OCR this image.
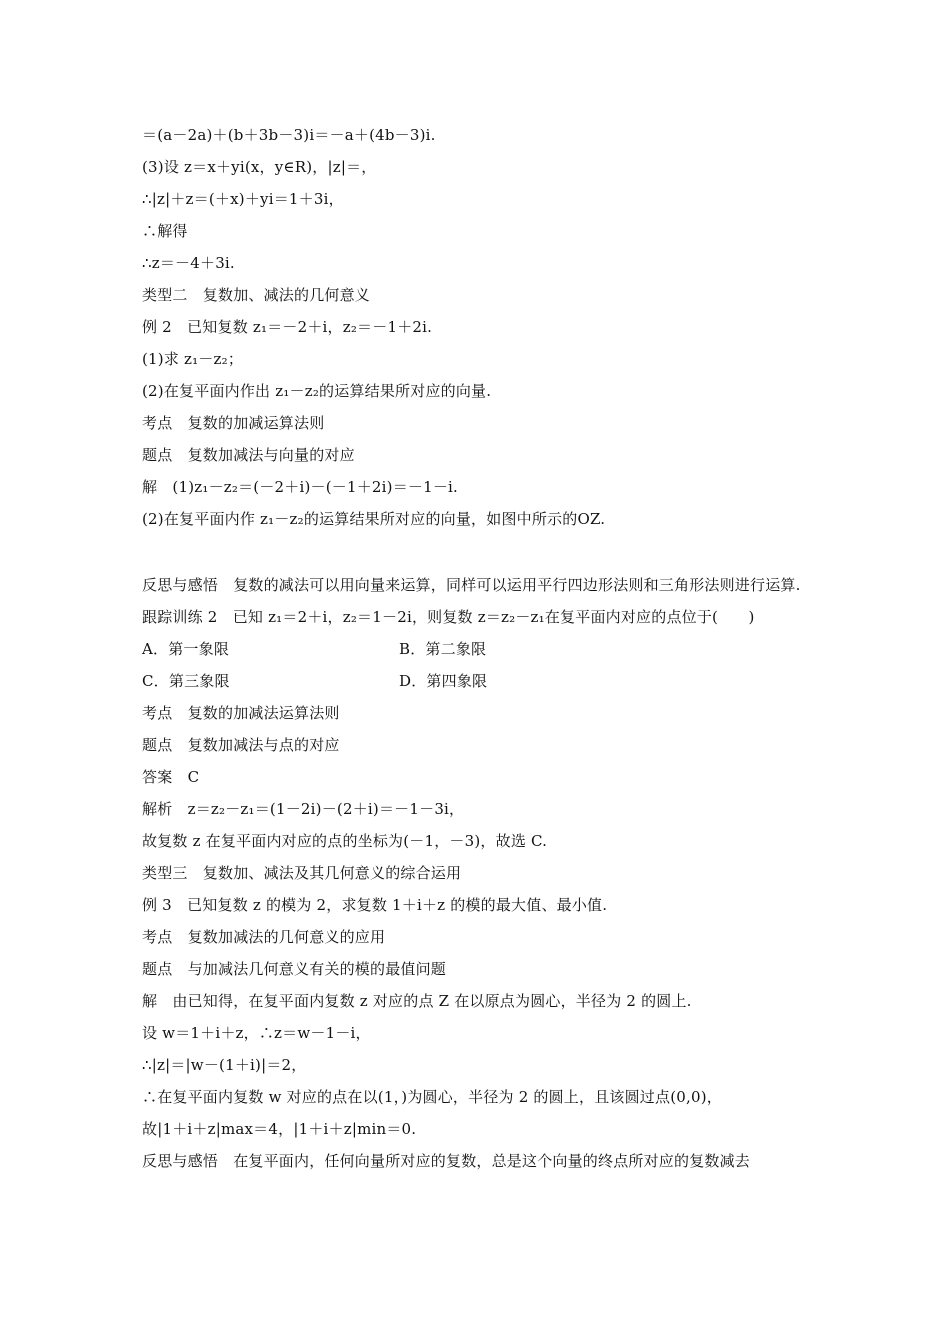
＝(a－2a)＋(b＋3b－3)i＝－a＋(4b－3)i.
(3)设 z＝x＋yi(x，y∈R)，|z|＝，
∴|z|＋z＝(＋x)＋yi＝1＋3i，
∴解得
∴z＝－4＋3i.
类型二　复数加、减法的几何意义
例 2　已知复数 z₁＝－2＋i，z₂＝－1＋2i.
(1)求 z₁－z₂；
(2)在复平面内作出 z₁－z₂的运算结果所对应的向量.
考点　复数的加减运算法则
题点　复数加减法与向量的对应
解　(1)z₁－z₂＝(－2＋i)－(－1＋2i)＝－1－i.
(2)在复平面内作 z₁－z₂的运算结果所对应的向量，如图中所示的OZ.
反思与感悟　复数的减法可以用向量来运算，同样可以运用平行四边形法则和三角形法则进行运算.
跟踪训练 2　已知 z₁＝2＋i，z₂＝1－2i，则复数 z＝z₂－z₁在复平面内对应的点位于(　　)
A．第一象限	B．第二象限
C．第三象限	D．第四象限
考点　复数的加减法运算法则
题点　复数加减法与点的对应
答案　C
解析　z＝z₂－z₁＝(1－2i)－(2＋i)＝－1－3i，
故复数 z 在复平面内对应的点的坐标为(－1，－3)，故选 C.
类型三　复数加、减法及其几何意义的综合运用
例 3　已知复数 z 的模为 2，求复数 1＋i＋z 的模的最大值、最小值.
考点　复数加减法的几何意义的应用
题点　与加减法几何意义有关的模的最值问题
解　由已知得，在复平面内复数 z 对应的点 Z 在以原点为圆心，半径为 2 的圆上.
设 w＝1＋i＋z，∴z＝w－1－i，
∴|z|＝|w－(1＋i)|＝2，
∴在复平面内复数 w 对应的点在以(1，)为圆心，半径为 2 的圆上，且该圆过点(0,0)，
故|1＋i＋z|max＝4，|1＋i＋z|min＝0.
反思与感悟　在复平面内，任何向量所对应的复数，总是这个向量的终点所对应的复数减去
